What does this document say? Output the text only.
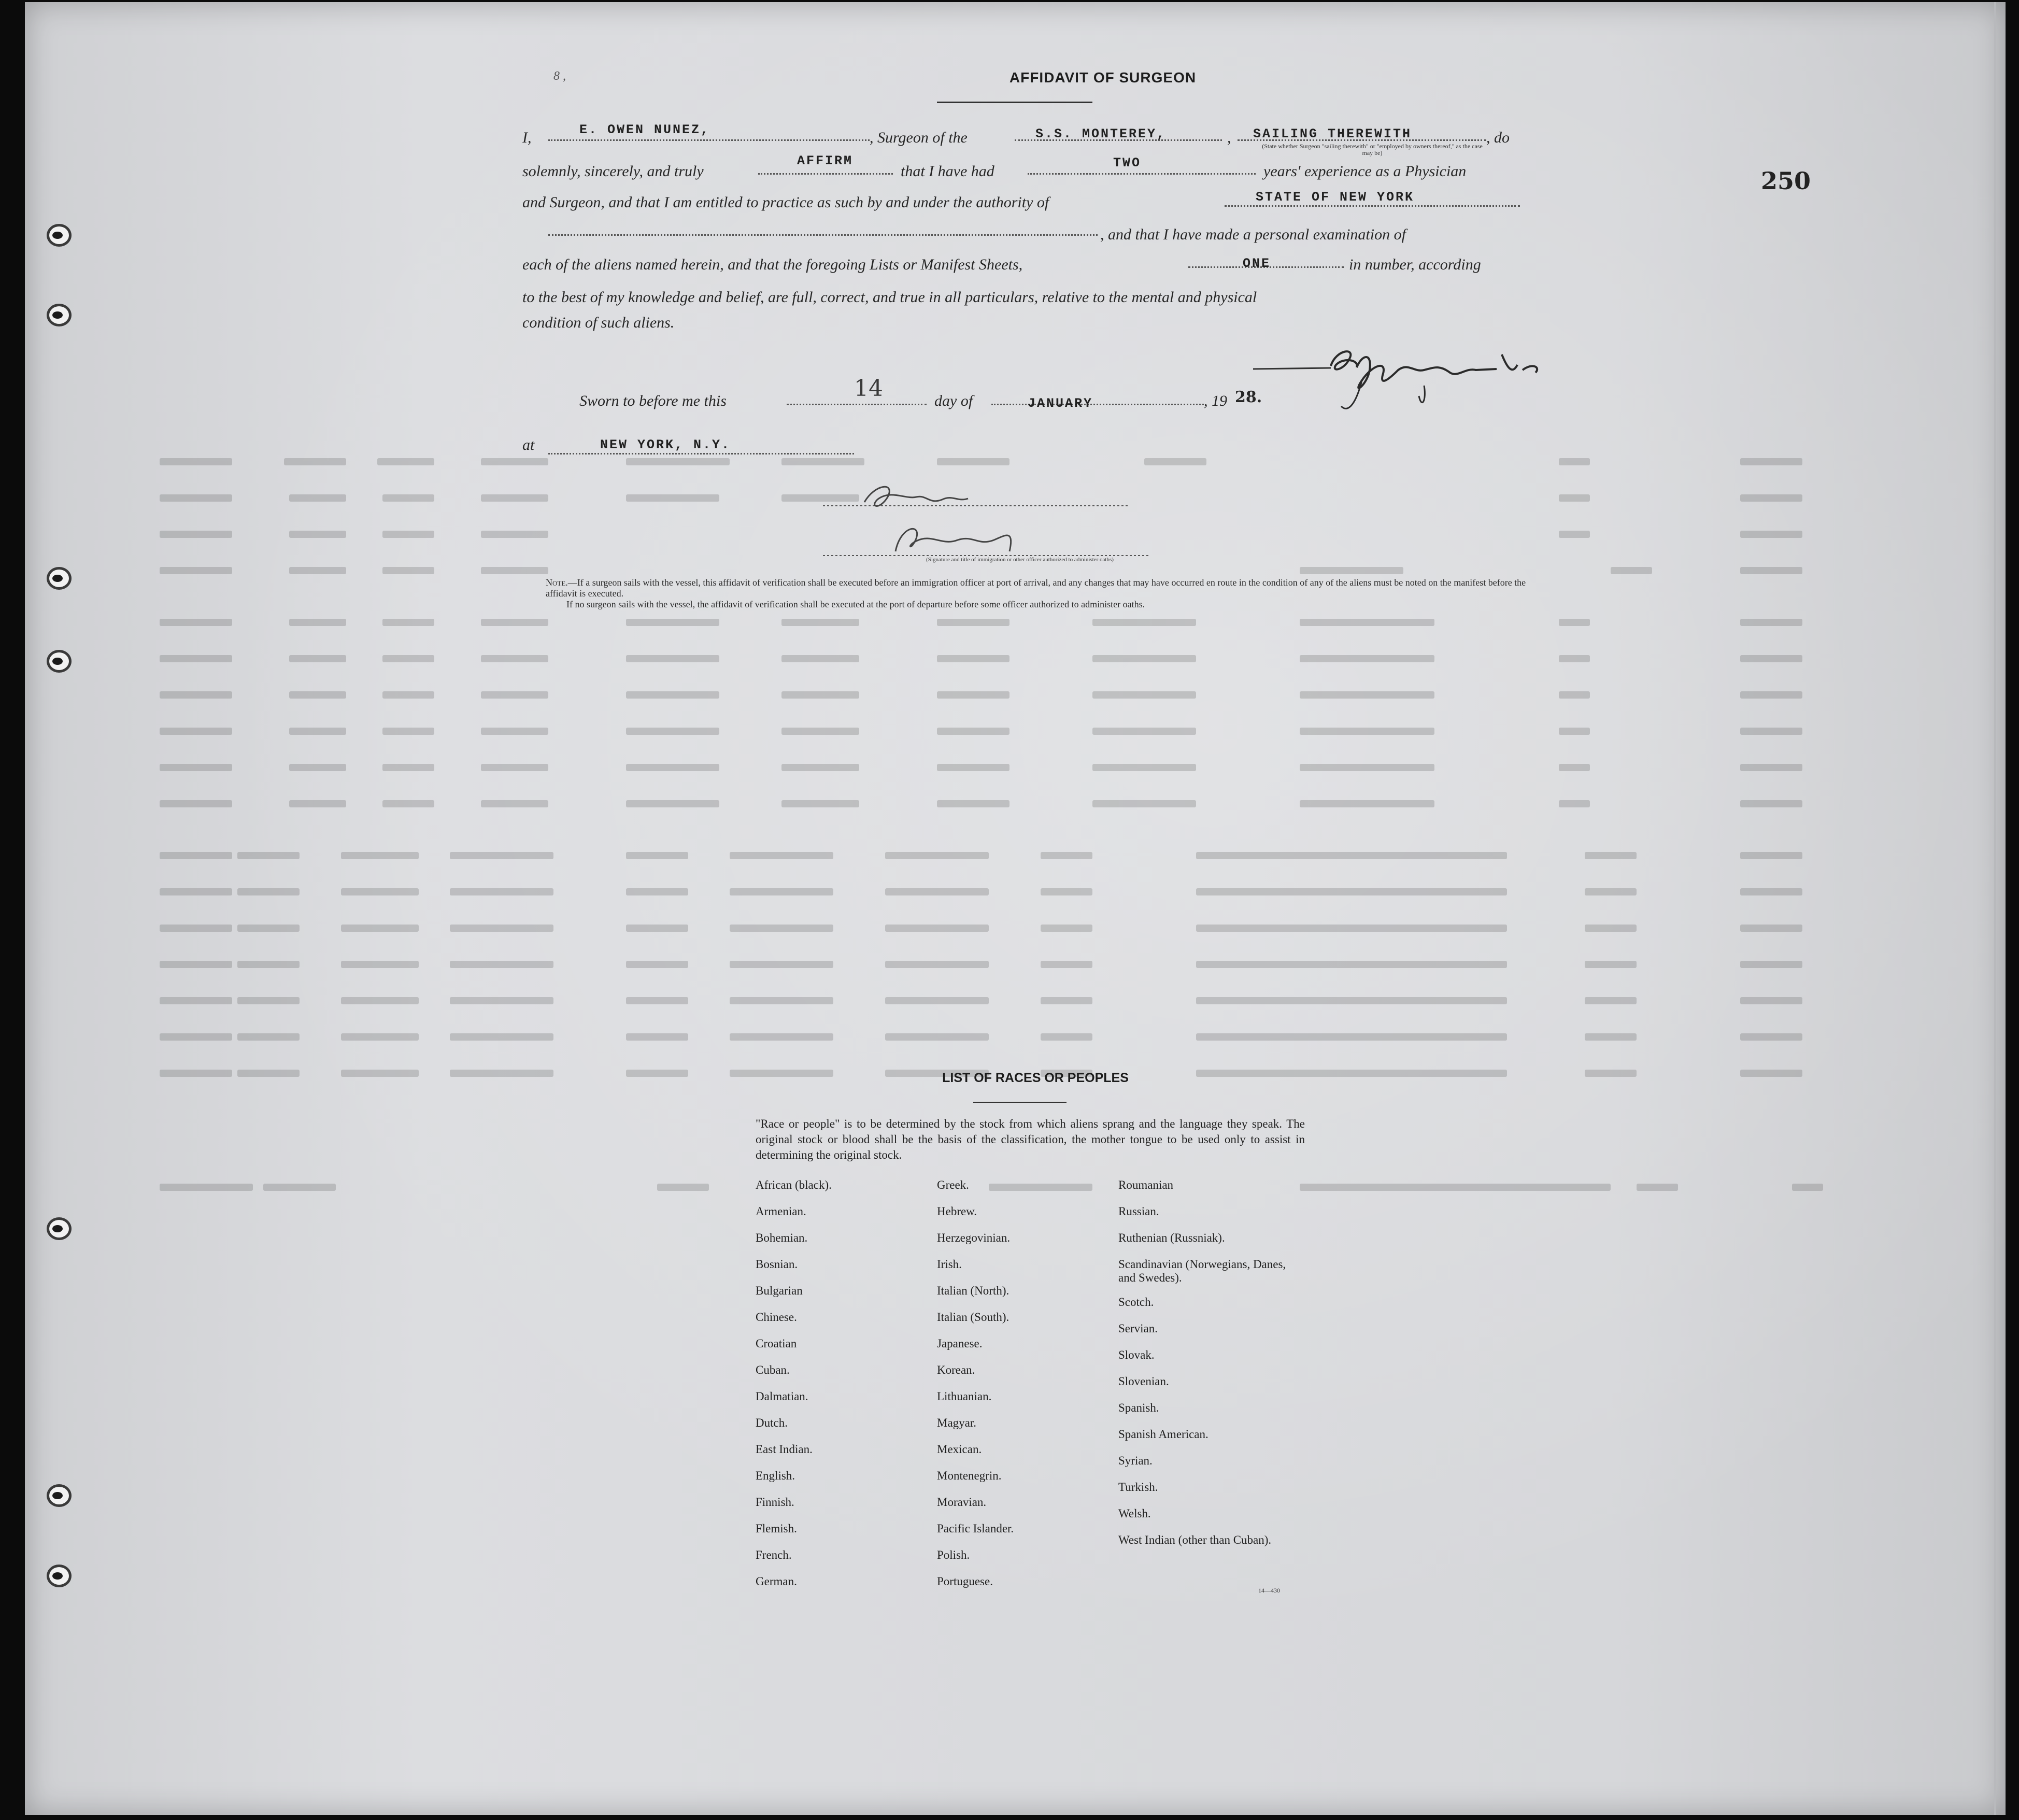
250
8 ,	AFFIDAVIT OF SURGEON
I,	E. OWEN NUNEZ,	, Surgeon of the	S.S. MONTEREY,	, SAILING THEREWITH	, do
(State whether Surgeon "sailing therewith" or "employed by owners thereof," as the case may be)
solemnly, sincerely, and truly
AFFIRM
that I have had	TWO	years' experience as a Physician
and Surgeon, and that I am entitled to practice as such by and under the authority of	STATE OF NEW YORK
, and that I have made a personal examination of
each of the aliens named herein, and that the foregoing Lists or Manifest Sheets,	ONE	in number, according
to the best of my knowledge and belief, are full, correct, and true in all particulars, relative to the mental and physical
condition of such aliens.
Sworn to before me this	14	day of	JANUARY	, 19 28.
at	NEW YORK, N.Y.
(Signature and title of immigration or other officer authorized to administer oaths)
Note.—If a surgeon sails with the vessel, this affidavit of verification shall be executed before an immigration officer at port of arrival, and any changes that may have occurred en route in the condition of any of the aliens must be noted on the manifest before the affidavit is executed.
If no surgeon sails with the vessel, the affidavit of verification shall be executed at the port of departure before some officer authorized to administer oaths.
LIST OF RACES OR PEOPLES
"Race or people" is to be determined by the stock from which aliens sprang and the language they speak. The original stock or blood shall be the basis of the classification, the mother tongue to be used only to assist in determining the original stock.
African (black).
Armenian.
Bohemian.
Bosnian.
Bulgarian
Chinese.
Croatian
Cuban.
Dalmatian.
Dutch.
East Indian.
English.
Finnish.
Flemish.
French.
German.
Greek.
Hebrew.
Herzegovinian.
Irish.
Italian (North).
Italian (South).
Japanese.
Korean.
Lithuanian.
Magyar.
Mexican.
Montenegrin.
Moravian.
Pacific Islander.
Polish.
Portuguese.
Roumanian
Russian.
Ruthenian (Russniak).
Scandinavian (Norwegians, Danes, and Swedes).
Scotch.
Servian.
Slovak.
Slovenian.
Spanish.
Spanish American.
Syrian.
Turkish.
Welsh.
West Indian (other than Cuban).
14—430
